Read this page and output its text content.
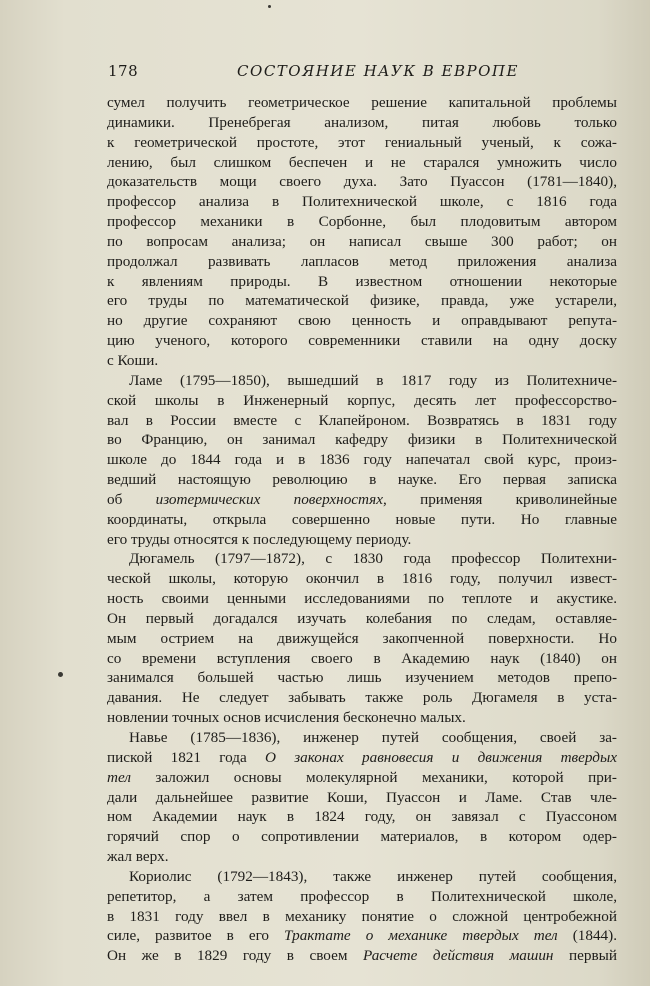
178	СОСТОЯНИЕ НАУК В ЕВРОПЕ
сумел получить геометрическое решение капитальной проблемы
динамики. Пренебрегая анализом, питая любовь только
к геометрической простоте, этот гениальный ученый, к сожа-
лению, был слишком беспечен и не старался умножить число
доказательств мощи своего духа. Зато Пуассон (1781—1840),
профессор анализа в Политехнической школе, с 1816 года
профессор механики в Сорбонне, был плодовитым автором
по вопросам анализа; он написал свыше 300 работ; он
продолжал развивать лапласов метод приложения анализа
к явлениям природы. В известном отношении некоторые
его труды по математической физике, правда, уже устарели,
но другие сохраняют свою ценность и оправдывают репута-
цию ученого, которого современники ставили на одну доску
с Коши.
Ламе (1795—1850), вышедший в 1817 году из Политехниче-
ской школы в Инженерный корпус, десять лет профессорство-
вал в России вместе с Клапейроном. Возвратясь в 1831 году
во Францию, он занимал кафедру физики в Политехнической
школе до 1844 года и в 1836 году напечатал свой курс, произ-
ведший настоящую революцию в науке. Его первая записка
об изотермических поверхностях, применяя криволинейные
координаты, открыла совершенно новые пути. Но главные
его труды относятся к последующему периоду.
Дюгамель (1797—1872), с 1830 года профессор Политехни-
ческой школы, которую окончил в 1816 году, получил извест-
ность своими ценными исследованиями по теплоте и акустике.
Он первый догадался изучать колебания по следам, оставляе-
мым острием на движущейся закопченной поверхности. Но
со времени вступления своего в Академию наук (1840) он
занимался большей частью лишь изучением методов препо-
давания. Не следует забывать также роль Дюгамеля в уста-
новлении точных основ исчисления бесконечно малых.
Навье (1785—1836), инженер путей сообщения, своей за-
пиской 1821 года О законах равновесия и движения твердых
тел заложил основы молекулярной механики, которой при-
дали дальнейшее развитие Коши, Пуассон и Ламе. Став чле-
ном Академии наук в 1824 году, он завязал с Пуассоном
горячий спор о сопротивлении материалов, в котором одер-
жал верх.
Кориолис (1792—1843), также инженер путей сообщения,
репетитор, а затем профессор в Политехнической школе,
в 1831 году ввел в механику понятие о сложной центробежной
силе, развитое в его Трактате о механике твердых тел (1844).
Он же в 1829 году в своем Расчете действия машин первый
